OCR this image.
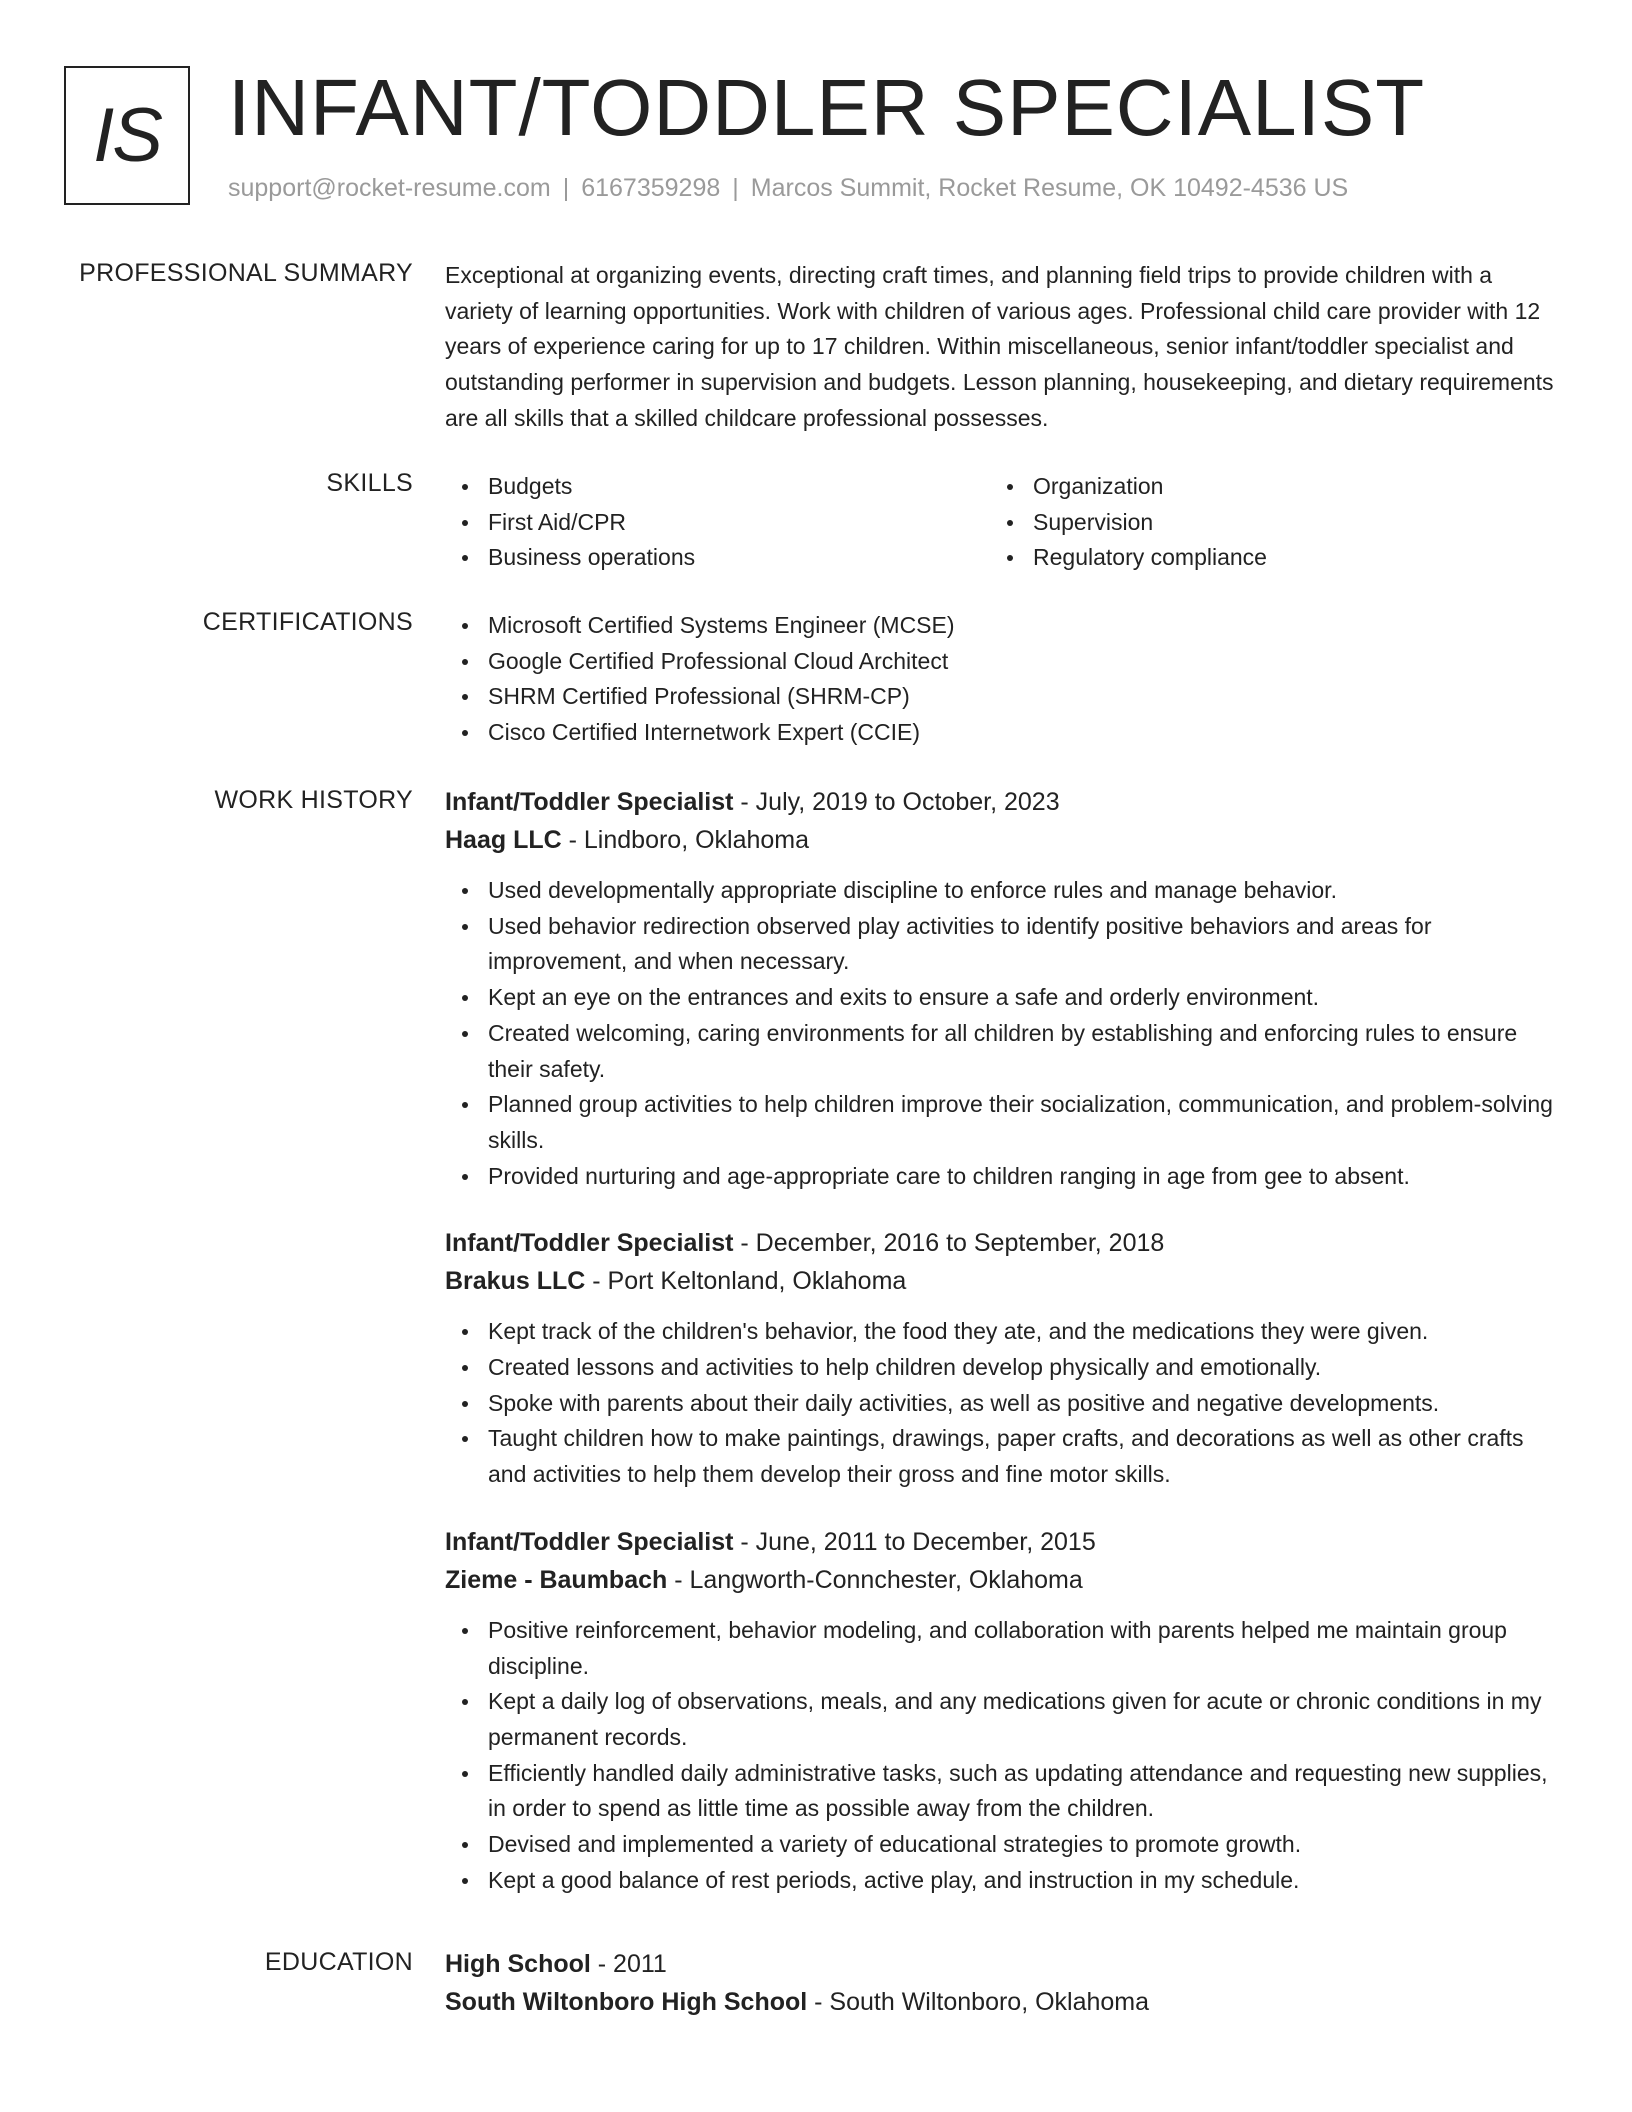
IS INFANT/TODDLER SPECIALIST
support@rocket-resume.com | 6167359298 | Marcos Summit, Rocket Resume, OK 10492-4536 US
PROFESSIONAL SUMMARY Exceptional at organizing events, directing craft times, and planning field trips to provide children with a variety of learning opportunities. Work with children of various ages. Professional child care provider with 12 years of experience caring for up to 17 children. Within miscellaneous, senior infant/toddler specialist and outstanding performer in supervision and budgets. Lesson planning, housekeeping, and dietary requirements are all skills that a skilled childcare professional possesses.

SKILLS	Budgets
First Aid/CPR
Business operations
Organization
Supervision
Regulatory compliance
CERTIFICATIONS	Microsoft Certified Systems Engineer (MCSE)
Google Certified Professional Cloud Architect
SHRM Certified Professional (SHRM-CP)
Cisco Certified Internetwork Expert (CCIE)
WORK HISTORY Infant/Toddler Specialist - July, 2019 to October, 2023
Haag LLC - Lindboro, Oklahoma
Used developmentally appropriate discipline to enforce rules and manage behavior.
Used behavior redirection observed play activities to identify positive behaviors and areas for improvement, and when necessary.
Kept an eye on the entrances and exits to ensure a safe and orderly environment.
Created welcoming, caring environments for all children by establishing and enforcing rules to ensure their safety.
Planned group activities to help children improve their socialization, communication, and problem-solving skills.
Provided nurturing and age-appropriate care to children ranging in age from gee to absent.
Infant/Toddler Specialist - December, 2016 to September, 2018
Brakus LLC - Port Keltonland, Oklahoma
Kept track of the children's behavior, the food they ate, and the medications they were given.
Created lessons and activities to help children develop physically and emotionally.
Spoke with parents about their daily activities, as well as positive and negative developments.
Taught children how to make paintings, drawings, paper crafts, and decorations as well as other crafts and activities to help them develop their gross and fine motor skills.
Infant/Toddler Specialist - June, 2011 to December, 2015
Zieme - Baumbach - Langworth-Connchester, Oklahoma
Positive reinforcement, behavior modeling, and collaboration with parents helped me maintain group discipline.
Kept a daily log of observations, meals, and any medications given for acute or chronic conditions in my permanent records.
Efficiently handled daily administrative tasks, such as updating attendance and requesting new supplies, in order to spend as little time as possible away from the children.
Devised and implemented a variety of educational strategies to promote growth.
Kept a good balance of rest periods, active play, and instruction in my schedule.
EDUCATION High School - 2011
South Wiltonboro High School - South Wiltonboro, Oklahoma
